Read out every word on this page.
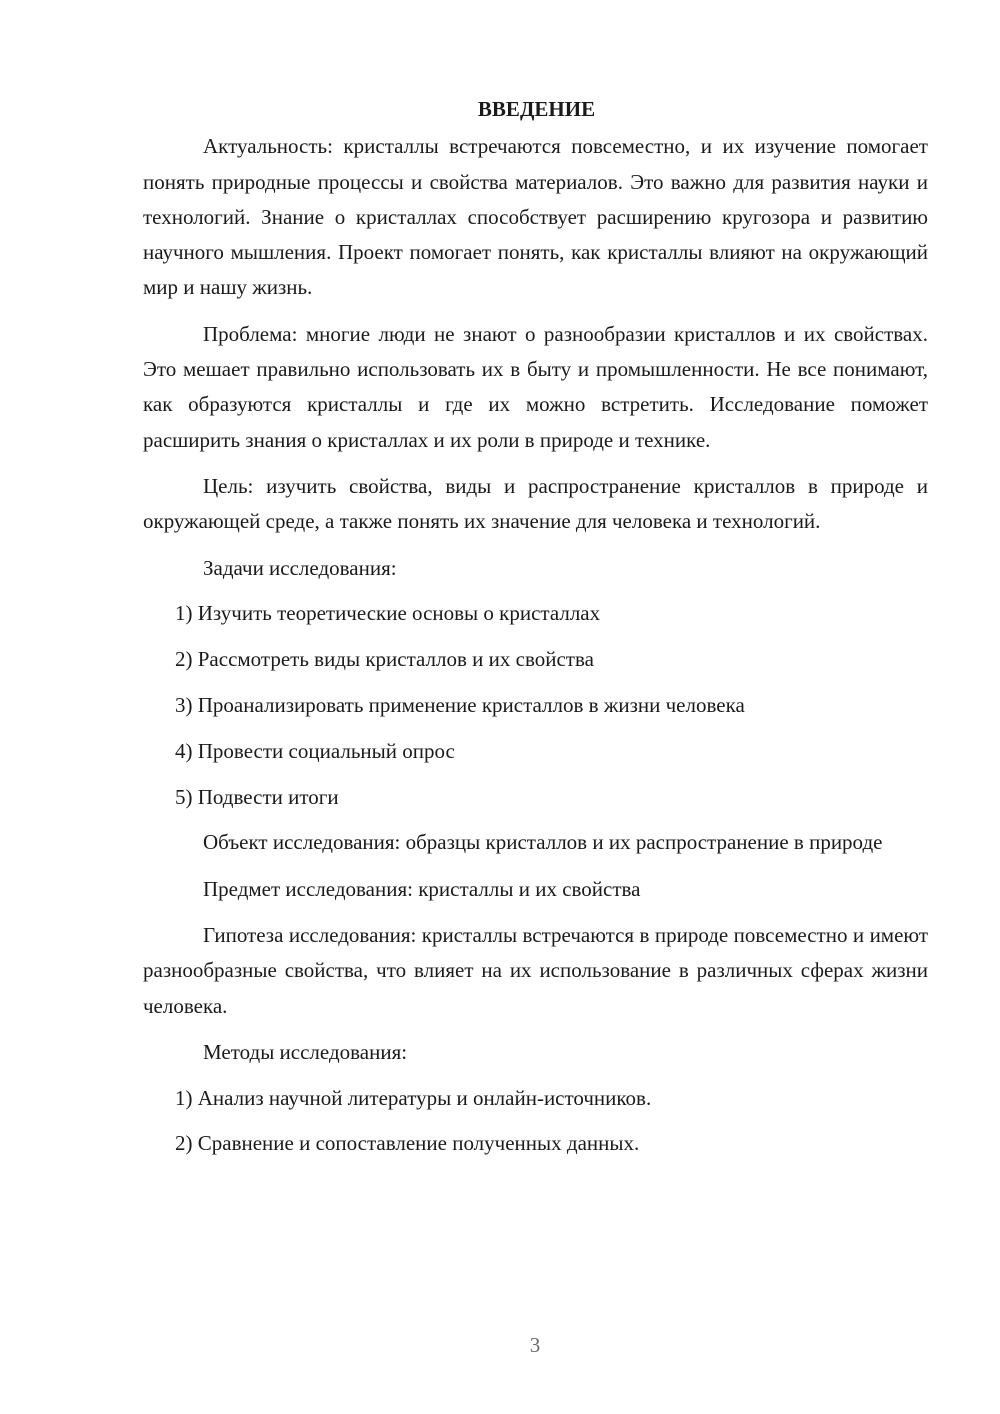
ВВЕДЕНИЕ

Актуальность: кристаллы встречаются повсеместно, и их изучение помогает понять природные процессы и свойства материалов. Это важно для развития науки и технологий. Знание о кристаллах способствует расширению кругозора и развитию научного мышления. Проект помогает понять, как кристаллы влияют на окружающий мир и нашу жизнь.

Проблема: многие люди не знают о разнообразии кристаллов и их свойствах. Это мешает правильно использовать их в быту и промышленности. Не все понимают, как образуются кристаллы и где их можно встретить. Исследование поможет расширить знания о кристаллах и их роли в природе и технике.

Цель: изучить свойства, виды и распространение кристаллов в природе и окружающей среде, а также понять их значение для человека и технологий.

Задачи исследования:
1) Изучить теоретические основы о кристаллах
2) Рассмотреть виды кристаллов и их свойства
3) Проанализировать применение кристаллов в жизни человека
4) Провести социальный опрос
5) Подвести итоги

Объект исследования: образцы кристаллов и их распространение в природе

Предмет исследования: кристаллы и их свойства

Гипотеза исследования: кристаллы встречаются в природе повсеместно и имеют разнообразные свойства, что влияет на их использование в различных сферах жизни человека.

Методы исследования:
1) Анализ научной литературы и онлайн-источников.
2) Сравнение и сопоставление полученных данных.
3
